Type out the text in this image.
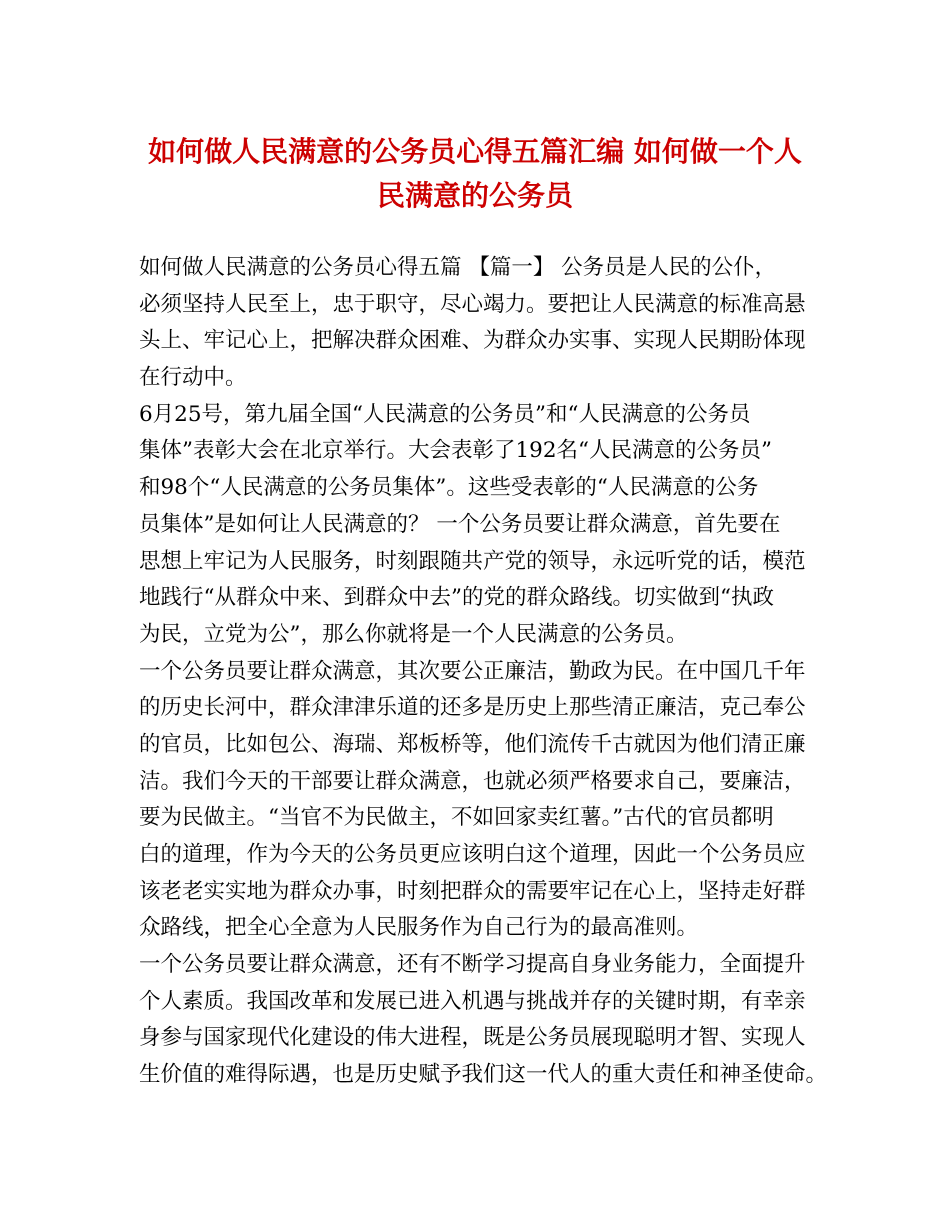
如何做人民满意的公务员心得五篇汇编 如何做一个人
民满意的公务员
如何做人民满意的公务员心得五篇 【篇一】 公务员是人民的公仆，
必须坚持人民至上，忠于职守，尽心竭力。要把让人民满意的标准高悬
头上、牢记心上，把解决群众困难、为群众办实事、实现人民期盼体现
在行动中。
6月25号，第九届全国“人民满意的公务员”和“人民满意的公务员
集体”表彰大会在北京举行。大会表彰了192名“人民满意的公务员”
和98个“人民满意的公务员集体”。这些受表彰的“人民满意的公务
员集体”是如何让人民满意的？ 一个公务员要让群众满意，首先要在
思想上牢记为人民服务，时刻跟随共产党的领导，永远听党的话，模范
地践行“从群众中来、到群众中去”的党的群众路线。切实做到“执政
为民，立党为公”，那么你就将是一个人民满意的公务员。
一个公务员要让群众满意，其次要公正廉洁，勤政为民。在中国几千年
的历史长河中，群众津津乐道的还多是历史上那些清正廉洁，克己奉公
的官员，比如包公、海瑞、郑板桥等，他们流传千古就因为他们清正廉
洁。我们今天的干部要让群众满意，也就必须严格要求自己，要廉洁，
要为民做主。“当官不为民做主，不如回家卖红薯。”古代的官员都明
白的道理，作为今天的公务员更应该明白这个道理，因此一个公务员应
该老老实实地为群众办事，时刻把群众的需要牢记在心上，坚持走好群
众路线，把全心全意为人民服务作为自己行为的最高准则。
一个公务员要让群众满意，还有不断学习提高自身业务能力，全面提升
个人素质。我国改革和发展已进入机遇与挑战并存的关键时期，有幸亲
身参与国家现代化建设的伟大进程，既是公务员展现聪明才智、实现人
生价值的难得际遇，也是历史赋予我们这一代人的重大责任和神圣使命。
